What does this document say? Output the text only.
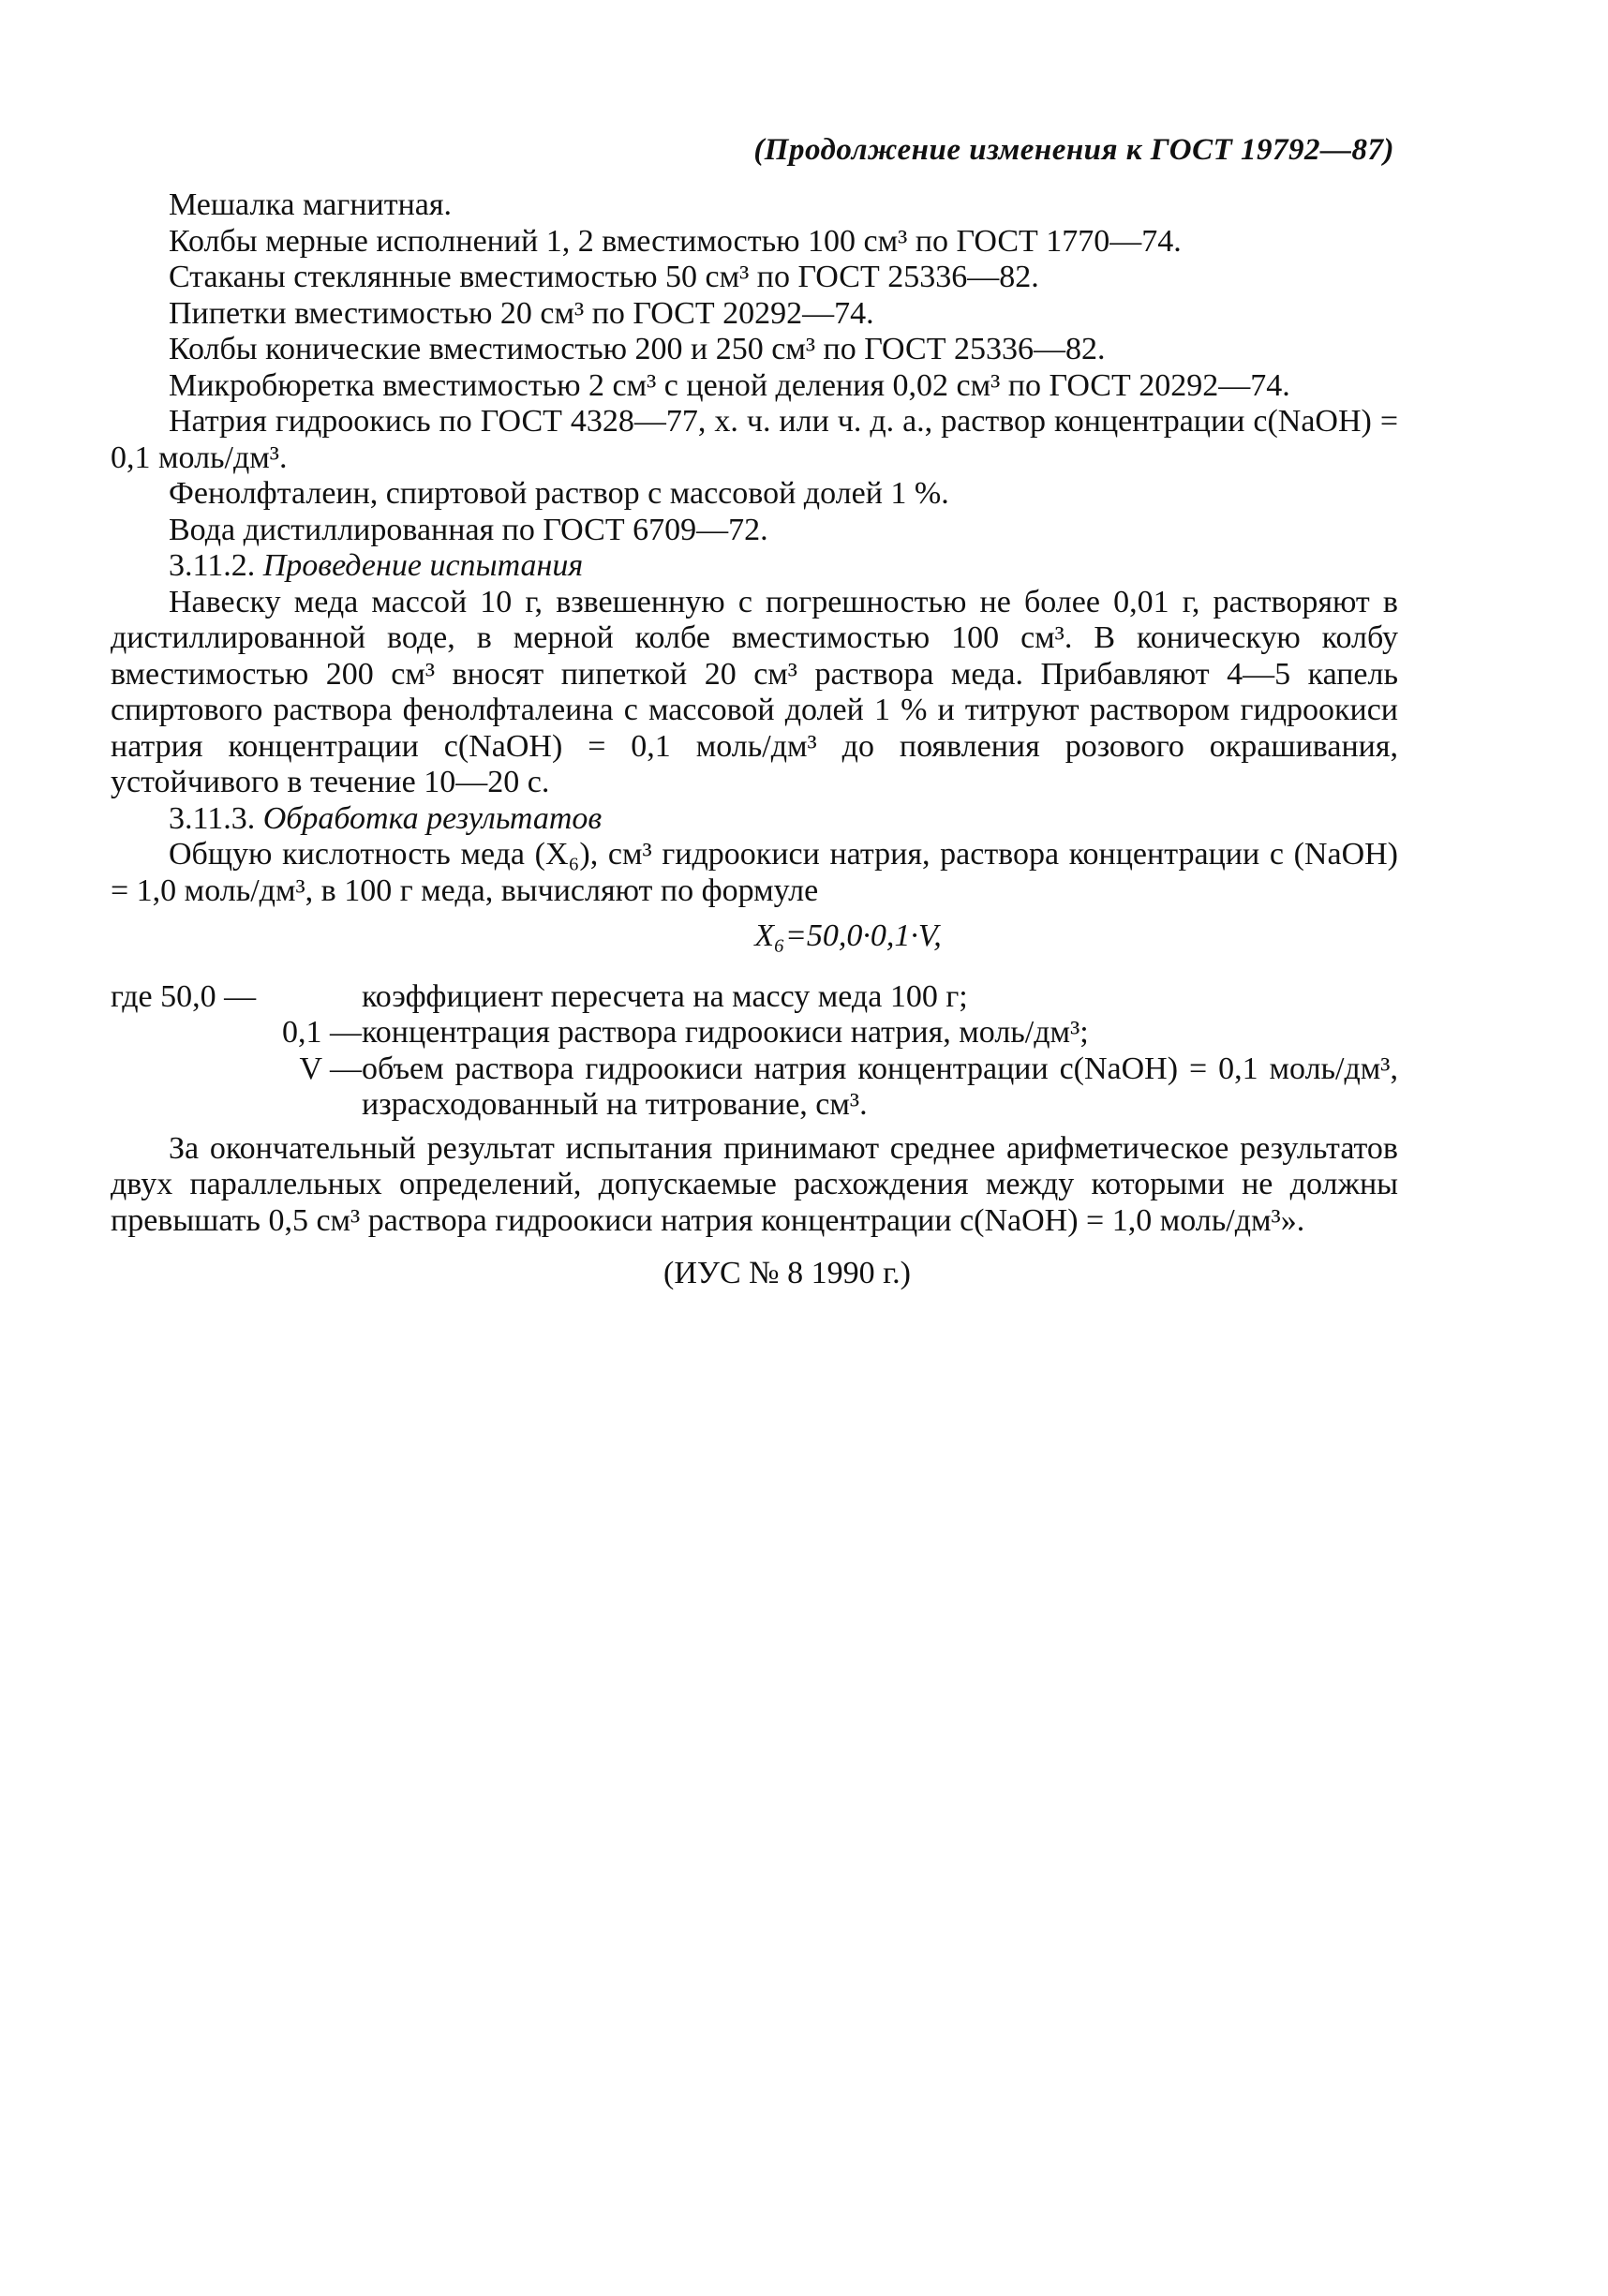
(Продолжение изменения к ГОСТ 19792—87)

Мешалка магнитная.

Колбы мерные исполнений 1, 2 вместимостью 100 см³ по ГОСТ 1770—74.

Стаканы стеклянные вместимостью 50 см³ по ГОСТ 25336—82.

Пипетки вместимостью 20 см³ по ГОСТ 20292—74.

Колбы конические вместимостью 200 и 250 см³ по ГОСТ 25336—82.

Микробюретка вместимостью 2 см³ с ценой деления 0,02 см³ по ГОСТ 20292—74.

Натрия гидроокись по ГОСТ 4328—77, х. ч. или ч. д. а., раствор концентрации c(NaOH) = 0,1 моль/дм³.

Фенолфталеин, спиртовой раствор с массовой долей 1 %.

Вода дистиллированная по ГОСТ 6709—72.

3.11.2. Проведение испытания

Навеску меда массой 10 г, взвешенную с погрешностью не более 0,01 г, растворяют в дистиллированной воде, в мерной колбе вместимостью 100 см³. В коническую колбу вместимостью 200 см³ вносят пипеткой 20 см³ раствора меда. Прибавляют 4—5 капель спиртового раствора фенолфталеина с массовой долей 1 % и титруют раствором гидроокиси натрия концентрации c(NaOH) = 0,1 моль/дм³ до появления розового окрашивания, устойчивого в течение 10—20 с.

3.11.3. Обработка результатов

Общую кислотность меда (X₆), см³ гидроокиси натрия, раствора концентрации c (NaOH) = 1,0 моль/дм³, в 100 г меда, вычисляют по формуле

X₆=50,0·0,1·V,
где 50,0 —	коэффициент пересчета на массу меда 100 г;
0,1 — концентрация раствора гидроокиси натрия, моль/дм³;
V — объем раствора гидроокиси натрия концентрации c(NaOH) = 0,1 моль/дм³, израсходованный на титрование, см³.

За окончательный результат испытания принимают среднее арифметическое результатов двух параллельных определений, допускаемые расхождения между которыми не должны превышать 0,5 см³ раствора гидроокиси натрия концентрации c(NaOH) = 1,0 моль/дм³».

(ИУС № 8 1990 г.)
